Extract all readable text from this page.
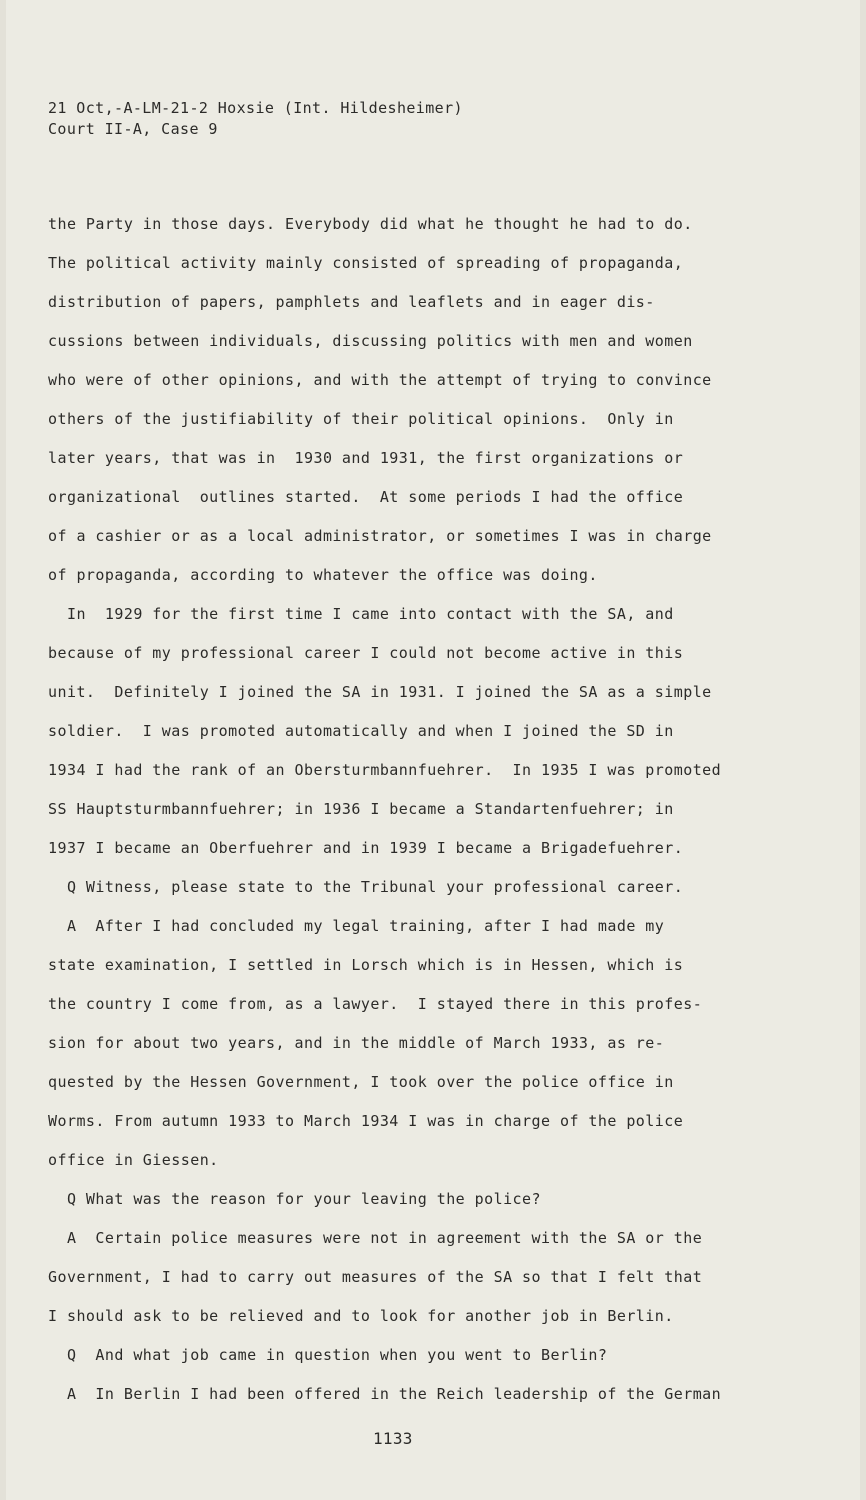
21 Oct,-A-LM-21-2 Hoxsie (Int. Hildesheimer)
Court II-A, Case 9
the Party in those days. Everybody did what he thought he had to do.
The political activity mainly consisted of spreading of propaganda,
distribution of papers, pamphlets and leaflets and in eager dis-
cussions between individuals, discussing politics with men and women
who were of other opinions, and with the attempt of trying to convince
others of the justifiability of their political opinions.  Only in
later years, that was in  1930 and 1931, the first organizations or
organizational  outlines started.  At some periods I had the office
of a cashier or as a local administrator, or sometimes I was in charge
of propaganda, according to whatever the office was doing.
In  1929 for the first time I came into contact with the SA, and
because of my professional career I could not become active in this
unit.  Definitely I joined the SA in 1931. I joined the SA as a simple
soldier.  I was promoted automatically and when I joined the SD in
1934 I had the rank of an Obersturmbannfuehrer.  In 1935 I was promoted
SS Hauptsturmbannfuehrer; in 1936 I became a Standartenfuehrer; in
1937 I became an Oberfuehrer and in 1939 I became a Brigadefuehrer.
Q Witness, please state to the Tribunal your professional career.
A  After I had concluded my legal training, after I had made my
state examination, I settled in Lorsch which is in Hessen, which is
the country I come from, as a lawyer.  I stayed there in this profes-
sion for about two years, and in the middle of March 1933, as re-
quested by the Hessen Government, I took over the police office in
Worms. From autumn 1933 to March 1934 I was in charge of the police
office in Giessen.
Q What was the reason for your leaving the police?
A  Certain police measures were not in agreement with the SA or the
Government, I had to carry out measures of the SA so that I felt that
I should ask to be relieved and to look for another job in Berlin.
Q  And what job came in question when you went to Berlin?
A  In Berlin I had been offered in the Reich leadership of the German
1133
